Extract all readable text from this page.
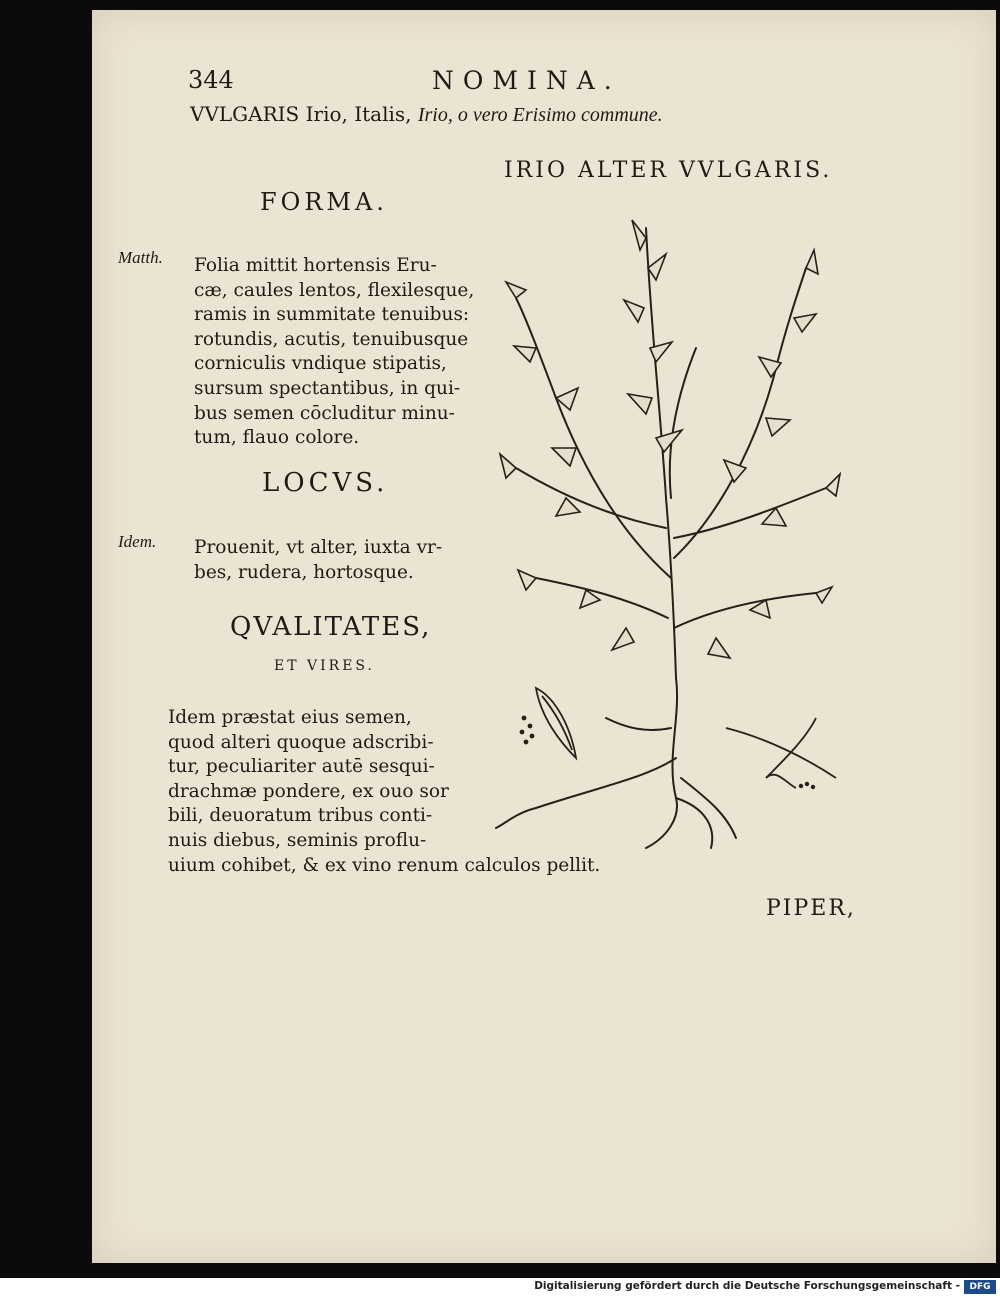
344	NOMINA.
VVLGARIS Irio, Italis, Irio, o vero Erisimo commune.
IRIO ALTER VVLGARIS.
FORMA.
Matth. Folia mittit hortensis Eru-
cæ, caules lentos, flexilesque,
ramis in summitate tenuibus:
rotundis, acutis, tenuibusque
corniculis vndique stipatis,
sursum spectantibus, in qui-
bus semen cōcluditur minu-
tum, flauo colore.
LOCVS.
Idem. Prouenit, vt alter, iuxta vr-
bes, rudera, hortosque.
QVALITATES,
ET VIRES.
Idem præstat eius semen,
quod alteri quoque adscribi-
tur, peculiariter autē sesqui-
drachmæ pondere, ex ouo sor
bili, deuoratum tribus conti-
nuis diebus, seminis proflu-
uium cohibet, & ex vino renum calculos pellit.
PIPER,
Digitalisierung gefördert durch die Deutsche Forschungsgemeinschaft -	DFG
